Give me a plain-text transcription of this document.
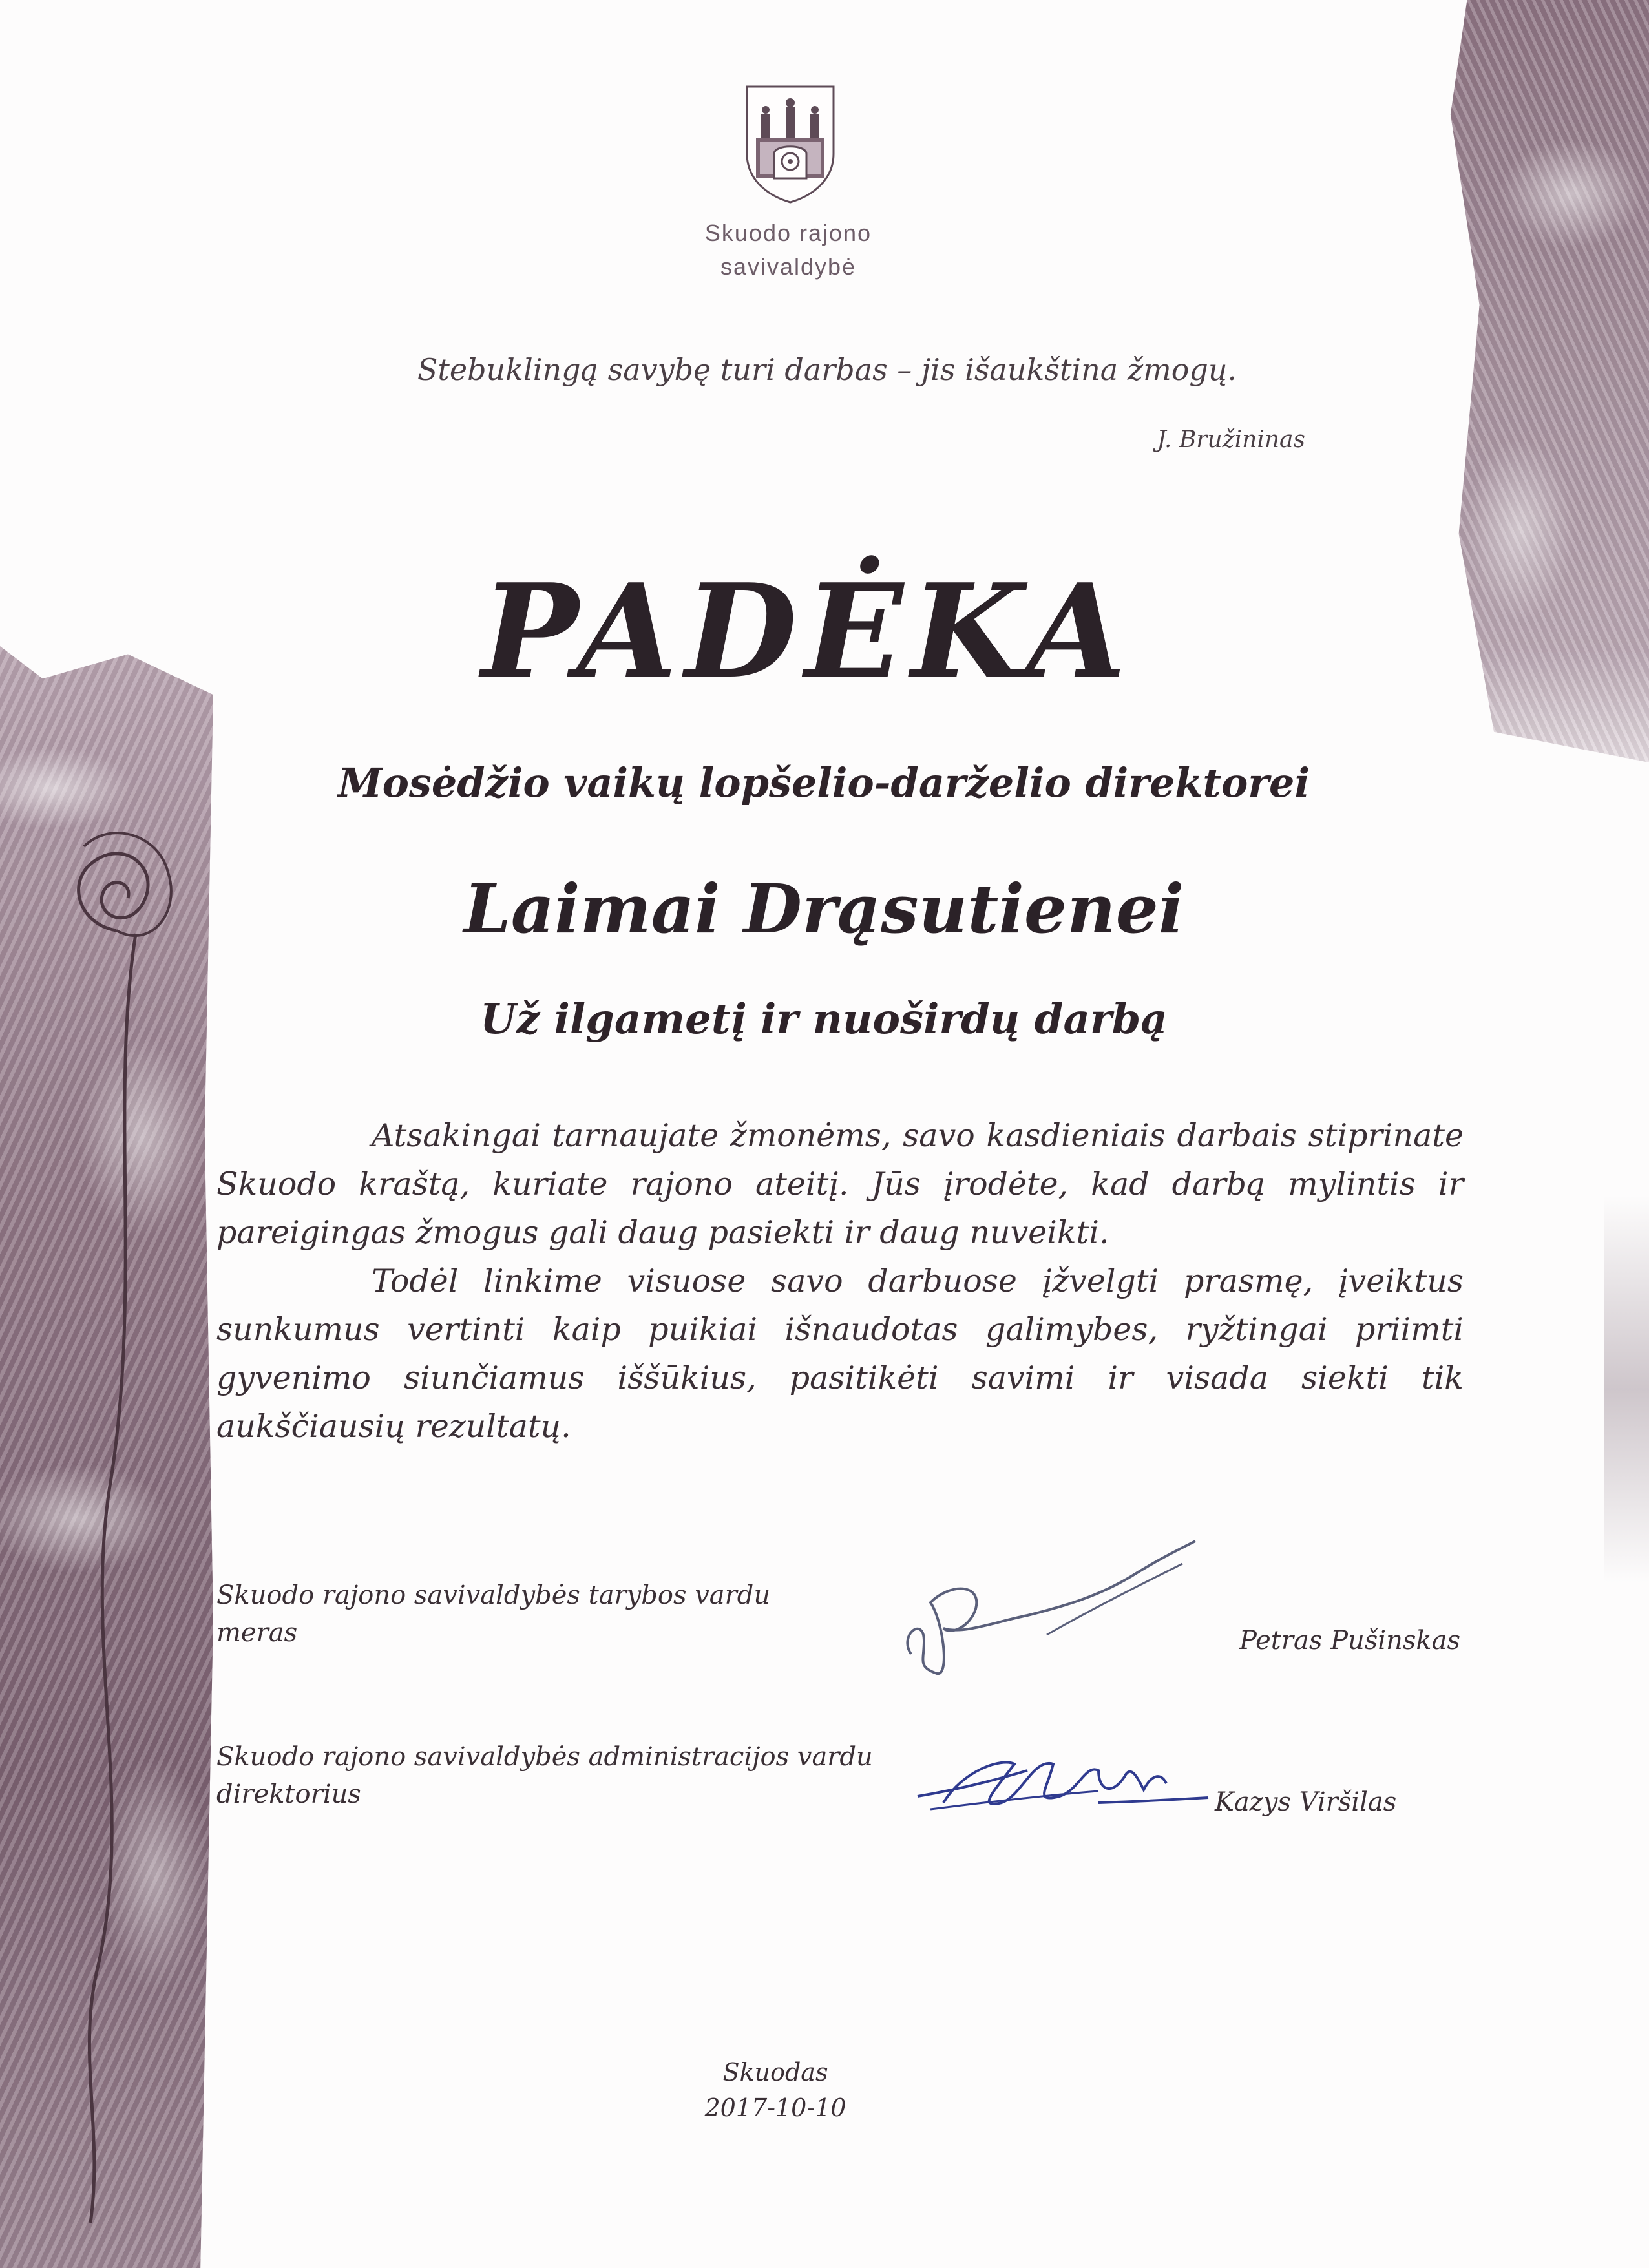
Skuodo rajono
savivaldybė
Stebuklingą savybę turi darbas – jis išaukština žmogų.
J. Bružininas
PADĖKA
Mosėdžio vaikų lopšelio-darželio direktorei
Laimai Drąsutienei
Už ilgametį ir nuoširdų darbą

Atsakingai tarnaujate žmonėms, savo kasdieniais darbais stiprinate Skuodo kraštą, kuriate rajono ateitį. Jūs įrodėte, kad darbą mylintis ir pareigingas žmogus gali daug pasiekti ir daug nuveikti.

Todėl linkime visuose savo darbuose įžvelgti prasmę, įveiktus sunkumus vertinti kaip puikiai išnaudotas galimybes, ryžtingai priimti gyvenimo siunčiamus iššūkius, pasitikėti savimi ir visada siekti tik aukščiausių rezultatų.

Skuodo rajono savivaldybės tarybos vardu
meras	Petras Pušinskas
Skuodo rajono savivaldybės administracijos vardu
direktorius	Kazys Viršilas
Skuodas
2017-10-10
